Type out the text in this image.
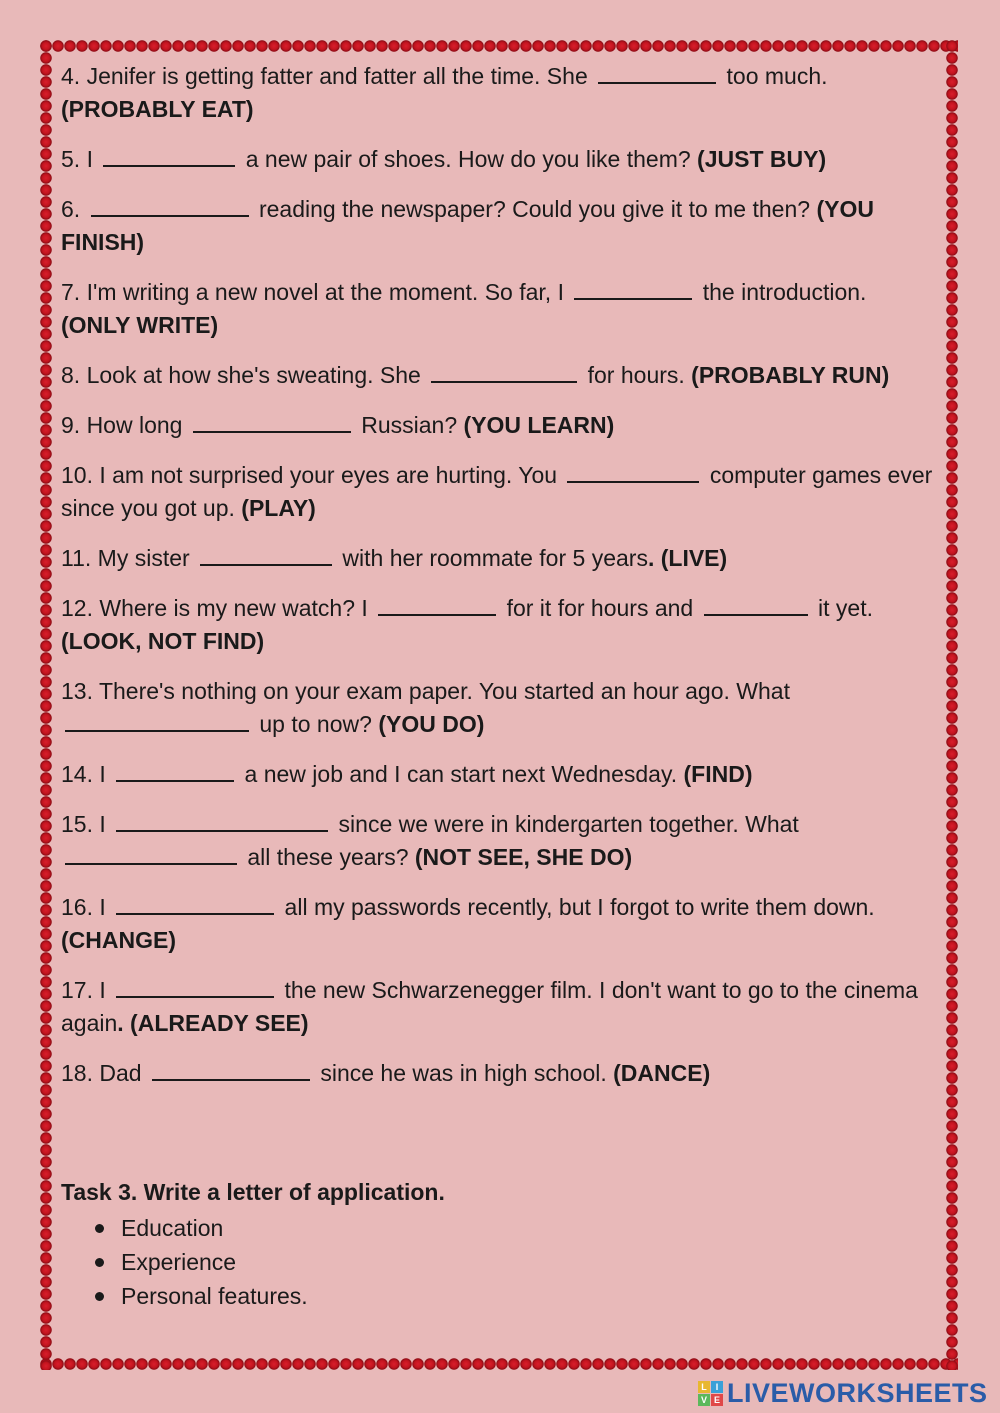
4. Jenifer is getting fatter and fatter all the time. She	too much.
(PROBABLY EAT)
5. I	a new pair of shoes. How do you like them? (JUST BUY)
6.	reading the newspaper? Could you give it to me then? (YOU FINISH)
7. I'm writing a new novel at the moment. So far, I	the introduction.
(ONLY WRITE)
8. Look at how she's sweating. She	for hours. (PROBABLY RUN)
9. How long	Russian? (YOU LEARN)
10. I am not surprised your eyes are hurting. You	computer games ever since you got up. (PLAY)
11. My sister	with her roommate for 5 years. (LIVE)
12. Where is my new watch? I	for it for hours and	it yet.
(LOOK, NOT FIND)
13. There's nothing on your exam paper. You started an hour ago. What  up to now? (YOU DO)
14. I	a new job and I can start next Wednesday. (FIND)
15. I	since we were in kindergarten together. What  all these years? (NOT SEE, SHE DO)
16. I	all my passwords recently, but I forgot to write them down.
(CHANGE)
17. I	the new Schwarzenegger film. I don't want to go to the cinema again. (ALREADY SEE)
18. Dad	since he was in high school. (DANCE)
Task 3. Write a letter of application.
Education
Experience
Personal features.
L I
V E LIVEWORKSHEETS
